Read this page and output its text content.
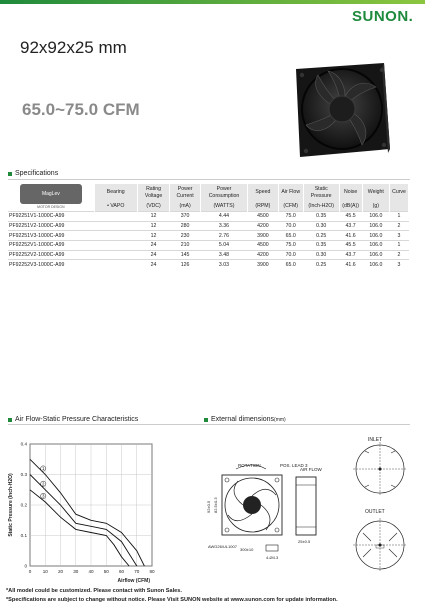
SUNON.
92x92x25 mm
65.0~75.0 CFM
Specifications
MagLev
MOTOR DESIGN	Bearing	Rating Voltage	Power Current	Power Consumption	Speed	Air Flow	Static Pressure	Noise	Weight	Curve
	• VAPO	(VDC)	(mA)	(WATTS)	(RPM)	(CFM)	(Inch-H2O)	(dB(A))	(g)	
PF92251V1-1000C-A99		12	370	4.44	4500	75.0	0.35	45.5	106.0	1
PF92251V2-1000C-A99		12	280	3.36	4200	70.0	0.30	43.7	106.0	2
PF92251V3-1000C-A99		12	230	2.76	3900	65.0	0.25	41.6	106.0	3
PF92252V1-1000C-A99		24	210	5.04	4500	75.0	0.35	45.5	106.0	1
PF92252V2-1000C-A99		24	145	3.48	4200	70.0	0.30	43.7	106.0	2
PF92252V3-1000C-A99		24	126	3.03	3900	65.0	0.25	41.6	106.0	3
Air Flow-Static Pressure Characteristics
0 10 20 30 40 50 60 70 80
0
0.1
0.2
0.3
0.4
1
2
3
Airflow (CFM)
Static Pressure (Inch-H2O)
External dimensions (mm)
ROTATION	POS. LEAD 3
AIR FLOW
92±0.5 82.5±0.3
25±0.5
AWG26/UL1007
300±10
4-Ø4.3
INLET
OUTLET
*All model could be customized. Please contact with Sunon Sales.
*Specifications are subject to change without notice. Please Visit SUNON website at www.sunon.com for update information.
